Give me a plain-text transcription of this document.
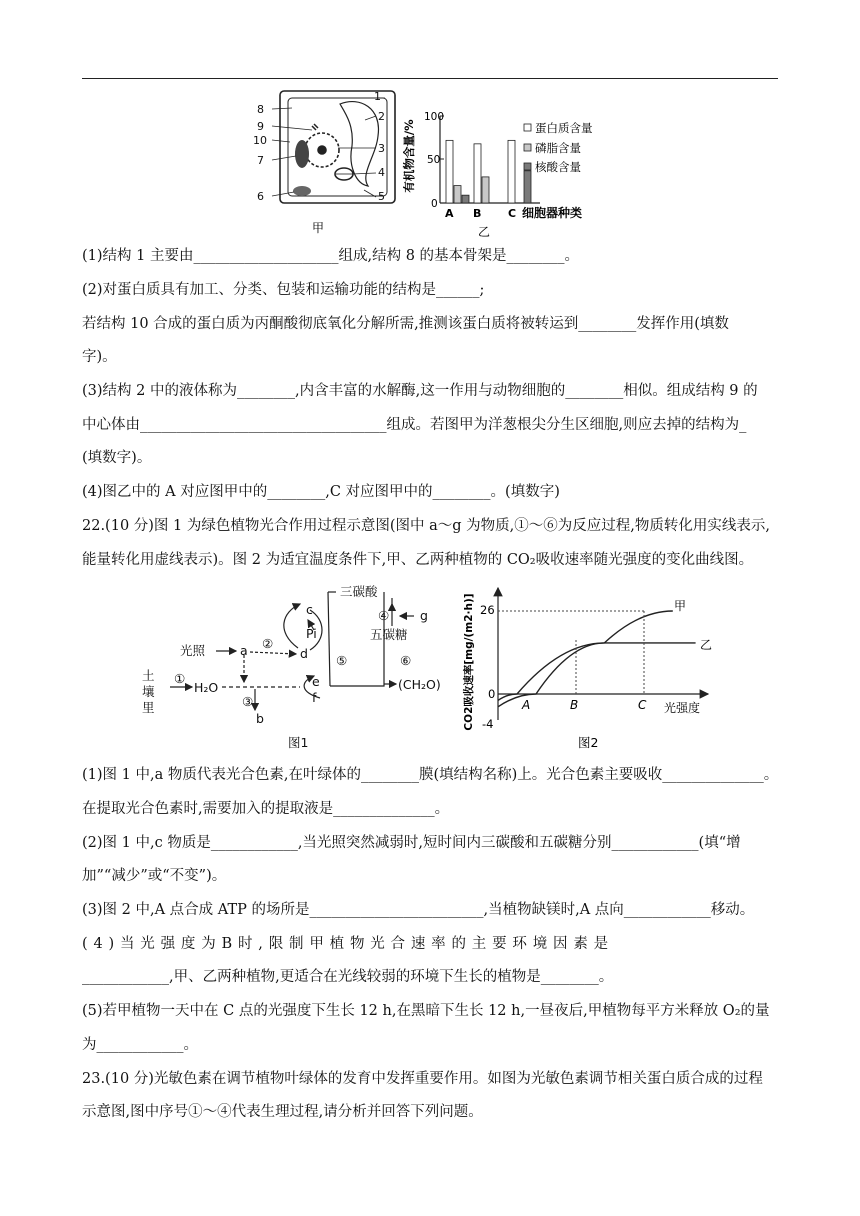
1
2
3
4
5
6
7
8
9
10
甲
100
50
0
有机物含量/%
A B C 细胞器种类
乙
蛋白质含量
磷脂含量
核酸含量
(1)结构 1 主要由____________________组成,结构 8 的基本骨架是________。
(2)对蛋白质具有加工、分类、包装和运输功能的结构是______;
若结构 10 合成的蛋白质为丙酮酸彻底氧化分解所需,推测该蛋白质将被转运到________发挥作用(填数
字)。
(3)结构 2 中的液体称为________,内含丰富的水解酶,这一作用与动物细胞的________相似。组成结构 9 的
中心体由__________________________________组成。若图甲为洋葱根尖分生区细胞,则应去掉的结构为_
(填数字)。
(4)图乙中的 A 对应图甲中的________,C 对应图甲中的________。(填数字)
22.(10 分)图 1 为绿色植物光合作用过程示意图(图中 a～g 为物质,①～⑥为反应过程,物质转化用实线表示,
能量转化用虚线表示)。图 2 为适宜温度条件下,甲、乙两种植物的 CO₂吸收速率随光强度的变化曲线图。
土
壤
里
①
H₂O
光照	a ②
③
b
c
Pi
d
e
f
⑤
三碳酸
④ g
五碳糖
⑥
(CH₂O)
图1
CO2吸收速率[mg/(m2·h)] 0
26
-4
A	B	C 光强度
甲
乙
图2
(1)图 1 中,a 物质代表光合色素,在叶绿体的________膜(填结构名称)上。光合色素主要吸收______________。
在提取光合色素时,需要加入的提取液是______________。
(2)图 1 中,c 物质是____________,当光照突然减弱时,短时间内三碳酸和五碳糖分别____________(填“增
加”“减少”或“不变”)。
(3)图 2 中,A 点合成 ATP 的场所是________________________,当植物缺镁时,A 点向____________移动。
( 4 ) 当 光 强 度 为 B 时 , 限 制 甲 植 物 光 合 速 率 的 主 要 环 境 因 素 是
____________,甲、乙两种植物,更适合在光线较弱的环境下生长的植物是________。
(5)若甲植物一天中在 C 点的光强度下生长 12 h,在黑暗下生长 12 h,一昼夜后,甲植物每平方米释放 O₂的量
为____________。
23.(10 分)光敏色素在调节植物叶绿体的发育中发挥重要作用。如图为光敏色素调节相关蛋白质合成的过程
示意图,图中序号①～④代表生理过程,请分析并回答下列问题。
